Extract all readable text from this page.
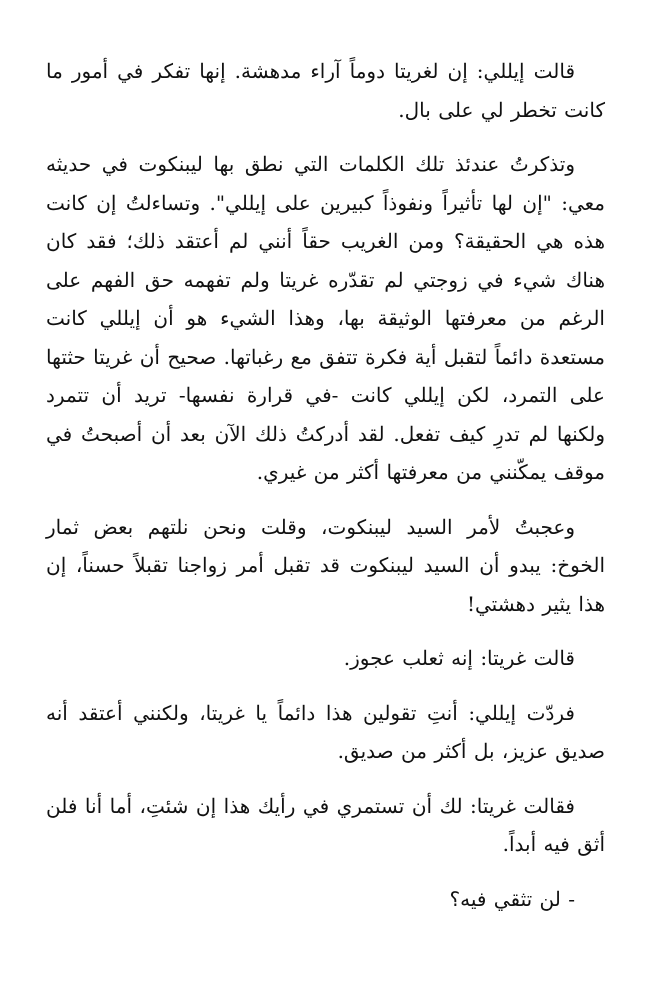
قالت إيللي: إن لغريتا دوماً آراء مدهشة. إنها تفكر في أمور ما كانت تخطر لي على بال.

وتذكرتُ عندئذ تلك الكلمات التي نطق بها ليبنكوت في حديثه معي: "إن لها تأثيراً ونفوذاً كبيرين على إيللي". وتساءلتُ إن كانت هذه هي الحقيقة؟ ومن الغريب حقاً أنني لم أعتقد ذلك؛ فقد كان هناك شيء في زوجتي لم تقدّره غريتا ولم تفهمه حق الفهم على الرغم من معرفتها الوثيقة بها، وهذا الشيء هو أن إيللي كانت مستعدة دائماً لتقبل أية فكرة تتفق مع رغباتها. صحيح أن غريتا حثتها على التمرد، لكن إيللي كانت -في قرارة نفسها- تريد أن تتمرد ولكنها لم تدرِ كيف تفعل. لقد أدركتُ ذلك الآن بعد أن أصبحتُ في موقف يمكّنني من معرفتها أكثر من غيري.

وعجبتُ لأمر السيد ليبنكوت، وقلت ونحن نلتهم بعض ثمار الخوخ: يبدو أن السيد ليبنكوت قد تقبل أمر زواجنا تقبلاً حسناً، إن هذا يثير دهشتي!

قالت غريتا: إنه ثعلب عجوز.

فردّت إيللي: أنتِ تقولين هذا دائماً يا غريتا، ولكنني أعتقد أنه صديق عزيز، بل أكثر من صديق.

فقالت غريتا: لك أن تستمري في رأيك هذا إن شئتِ، أما أنا فلن أثق فيه أبداً.

- لن تثقي فيه؟
